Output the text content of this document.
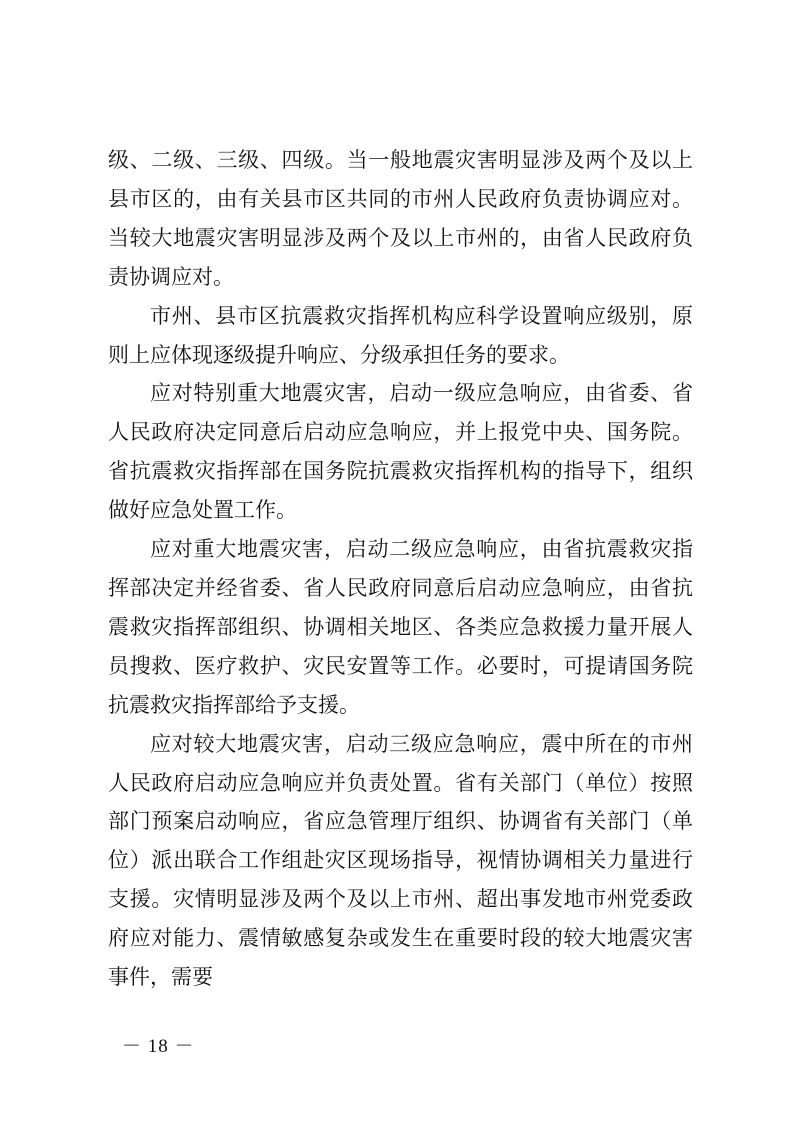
级、二级、三级、四级。当一般地震灾害明显涉及两个及以上县市区的，由有关县市区共同的市州人民政府负责协调应对。当较大地震灾害明显涉及两个及以上市州的，由省人民政府负责协调应对。

市州、县市区抗震救灾指挥机构应科学设置响应级别，原则上应体现逐级提升响应、分级承担任务的要求。

应对特别重大地震灾害，启动一级应急响应，由省委、省人民政府决定同意后启动应急响应，并上报党中央、国务院。省抗震救灾指挥部在国务院抗震救灾指挥机构的指导下，组织做好应急处置工作。

应对重大地震灾害，启动二级应急响应，由省抗震救灾指挥部决定并经省委、省人民政府同意后启动应急响应，由省抗震救灾指挥部组织、协调相关地区、各类应急救援力量开展人员搜救、医疗救护、灾民安置等工作。必要时，可提请国务院抗震救灾指挥部给予支援。

应对较大地震灾害，启动三级应急响应，震中所在的市州人民政府启动应急响应并负责处置。省有关部门（单位）按照部门预案启动响应，省应急管理厅组织、协调省有关部门（单位）派出联合工作组赴灾区现场指导，视情协调相关力量进行支援。灾情明显涉及两个及以上市州、超出事发地市州党委政府应对能力、震情敏感复杂或发生在重要时段的较大地震灾害事件，需要

－ 18 －
